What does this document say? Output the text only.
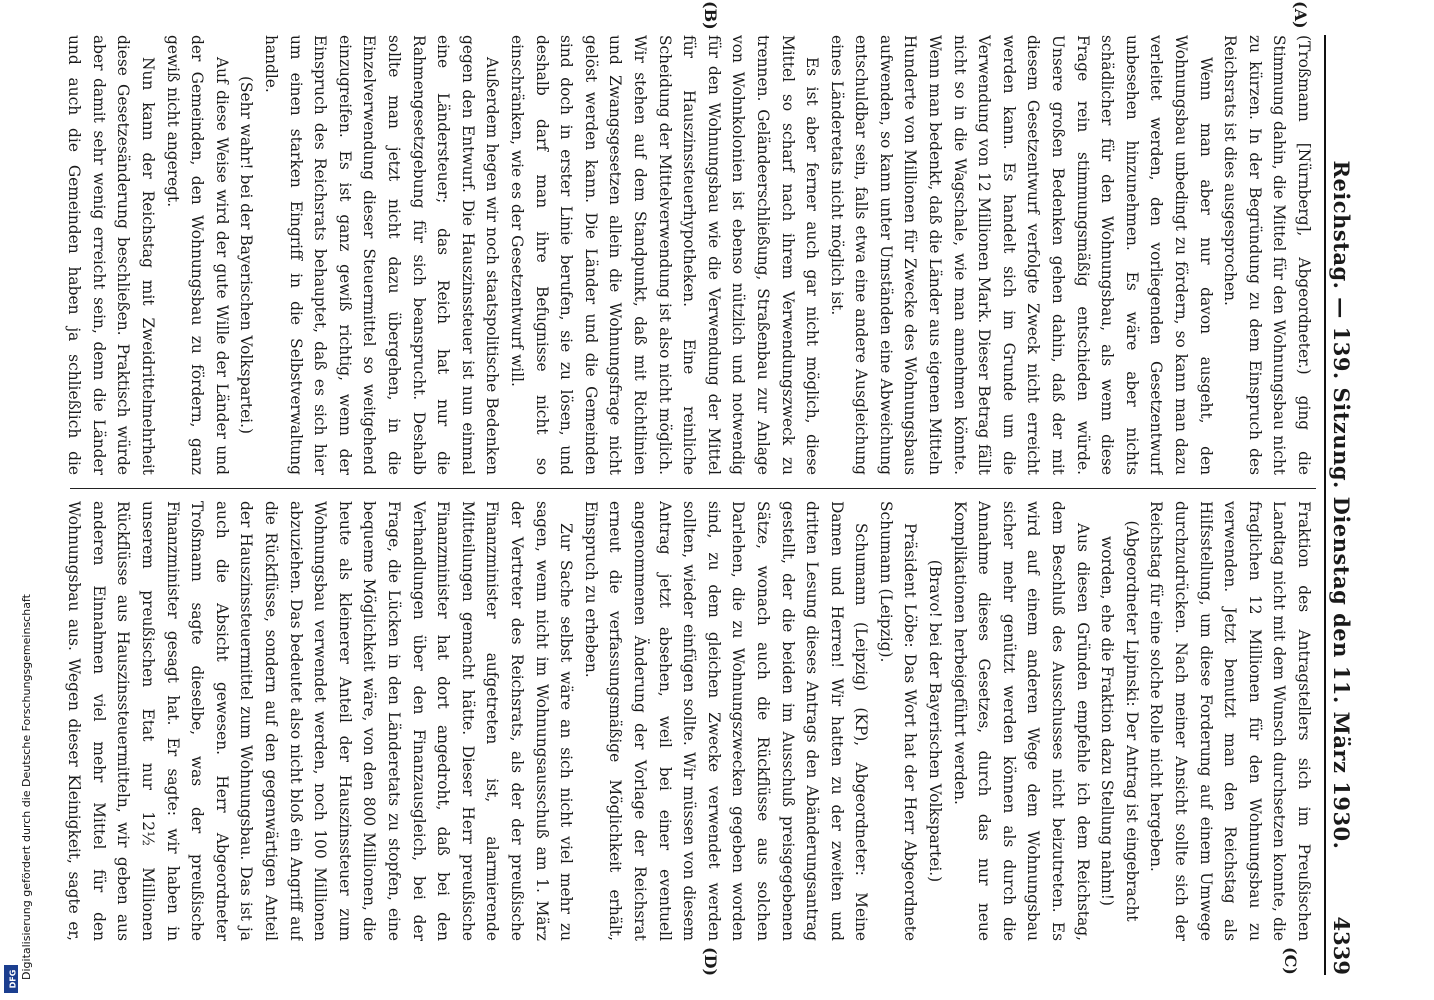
Reichstag. — 139. Sitzung. Dienstag den 11. März 1930.
4339
(A)
(B)
(C)
(D)

(Troßmann [Nürnberg], Abgeordneter.) ging die Stimmung dahin, die Mittel für den Wohnungsbau nicht zu kürzen. In der Begründung zu dem Einspruch des Reichsrats ist dies ausgesprochen.

Wenn man aber nur davon ausgeht, den Wohnungsbau unbedingt zu fördern, so kann man dazu verleitet werden, den vorliegenden Gesetzentwurf unbesehen hinzunehmen. Es wäre aber nichts schädlicher für den Wohnungsbau, als wenn diese Frage rein stimmungsmäßig entschieden würde. Unsere großen Bedenken gehen dahin, daß der mit diesem Gesetzentwurf verfolgte Zweck nicht erreicht werden kann. Es handelt sich im Grunde um die Verwendung von 12 Millionen Mark. Dieser Betrag fällt nicht so in die Wagschale, wie man annehmen könnte. Wenn man bedenkt, daß die Länder aus eigenen Mitteln Hunderte von Millionen für Zwecke des Wohnungsbaus aufwenden, so kann unter Umständen eine Abweichung entschuldbar sein, falls etwa eine andere Ausgleichung eines Länderetats nicht möglich ist.

Es ist aber ferner auch gar nicht möglich, diese Mittel so scharf nach ihrem Verwendungszweck zu trennen. Geländeerschließung, Straßenbau zur Anlage von Wohnkolonien ist ebenso nützlich und notwendig für den Wohnungsbau wie die Verwendung der Mittel für Hauszinssteuerhypotheken. Eine reinliche Scheidung der Mittelverwendung ist also nicht möglich. Wir stehen auf dem Standpunkt, daß mit Richtlinien und Zwangsgesetzen allein die Wohnungsfrage nicht gelöst werden kann. Die Länder und die Gemeinden sind doch in erster Linie berufen, sie zu lösen, und deshalb darf man ihre Befugnisse nicht so einschränken, wie es der Gesetzentwurf will.

Außerdem hegen wir noch staatspolitische Bedenken gegen den Entwurf. Die Hauszinssteuer ist nun einmal eine Ländersteuer; das Reich hat nur die Rahmengesetzgebung für sich beansprucht. Deshalb sollte man jetzt nicht dazu übergehen, in die Einzelverwendung dieser Steuermittel so weitgehend einzugreifen. Es ist ganz gewiß richtig, wenn der Einspruch des Reichsrats behauptet, daß es sich hier um einen starken Eingriff in die Selbstverwaltung handle.

(Sehr wahr! bei der Bayerischen Volkspartei.)

Auf diese Weise wird der gute Wille der Länder und der Gemeinden, den Wohnungsbau zu fördern, ganz gewiß nicht angeregt.

Nun kann der Reichstag mit Zweidrittelmehrheit diese Gesetzesänderung beschließen. Praktisch würde aber damit sehr wenig erreicht sein, denn die Länder und auch die Gemeinden haben ja schließlich die

Fraktion des Antragstellers sich im Preußischen Landtag nicht mit dem Wunsch durchsetzen konnte, die fraglichen 12 Millionen für den Wohnungsbau zu verwenden. Jetzt benutzt man den Reichstag als Hilfsstellung, um diese Forderung auf einem Umwege durchzudrücken. Nach meiner Ansicht sollte sich der Reichstag für eine solche Rolle nicht hergeben.

(Abgeordneter Lipinski: Der Antrag ist eingebracht worden, ehe die Fraktion dazu Stellung nahm!)

Aus diesen Gründen empfehle ich dem Reichstag, dem Beschluß des Ausschusses nicht beizutreten. Es wird auf einem anderen Wege dem Wohnungsbau sicher mehr genützt werden können als durch die Annahme dieses Gesetzes, durch das nur neue Komplikationen herbeigeführt werden.

(Bravo! bei der Bayerischen Volkspartei.)

Präsident Löbe: Das Wort hat der Herr Abgeordnete Schumann (Leipzig).

Schumann (Leipzig) (KP), Abgeordneter: Meine Damen und Herren! Wir hatten zu der zweiten und dritten Lesung dieses Antrags den Abänderungsantrag gestellt, der die beiden im Ausschuß preisgegebenen Sätze, wonach auch die Rückflüsse aus solchen Darlehen, die zu Wohnungszwecken gegeben worden sind, zu dem gleichen Zwecke verwendet werden sollten, wieder einfügen sollte. Wir müssen von diesem Antrag jetzt absehen, weil bei einer eventuell angenommenen Änderung der Vorlage der Reichsrat erneut die verfassungsmäßige Möglichkeit erhält, Einspruch zu erheben.

Zur Sache selbst wäre an sich nicht viel mehr zu sagen, wenn nicht im Wohnungsausschuß am 1. März der Vertreter des Reichsrats, als der der preußische Finanzminister aufgetreten ist, alarmierende Mitteilungen gemacht hätte. Dieser Herr preußische Finanzminister hat dort angedroht, daß bei den Verhandlungen über den Finanzausgleich, bei der Frage, die Lücken in den Länderetats zu stopfen, eine bequeme Möglichkeit wäre, von den 800 Millionen, die heute als kleinerer Anteil der Hauszinssteuer zum Wohnungsbau verwendet werden, noch 100 Millionen abzuziehen. Das bedeutet also nicht bloß ein Angriff auf die Rückflüsse, sondern auf den gegenwärtigen Anteil der Hauszinssteuermittel zum Wohnungsbau. Das ist ja auch die Absicht gewesen. Herr Abgeordneter Troßmann sagte dieselbe, was der preußische Finanzminister gesagt hat. Er sagte: wir haben in unserem preußischen Etat nur 12½ Millionen Rückflüsse aus Hauszinssteuermitteln, wir geben aus anderen Einnahmen viel mehr Mittel für den Wohnungsbau aus. Wegen dieser Kleinigkeit, sagte er,

Digitalisierung gefördert durch die Deutsche Forschungsgemeinschaft
DFG
